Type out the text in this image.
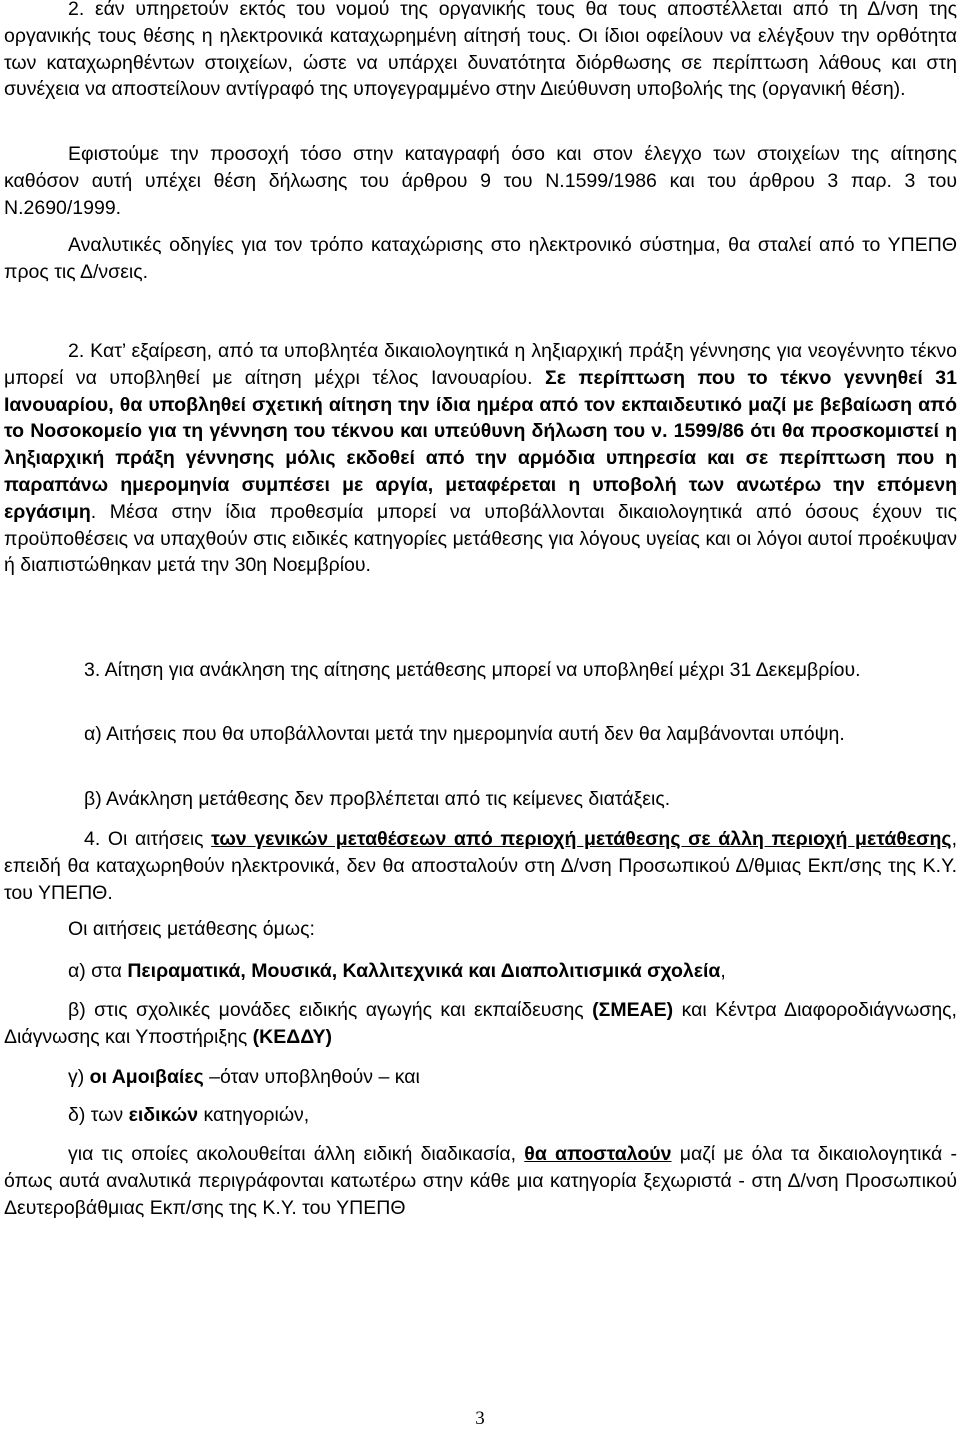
2. εάν υπηρετούν εκτός του νομού της οργανικής τους θα τους αποστέλλεται από τη Δ/νση της οργανικής τους θέσης η ηλεκτρονικά καταχωρημένη αίτησή τους. Οι ίδιοι οφείλουν να ελέγξουν την ορθότητα των καταχωρηθέντων στοιχείων, ώστε να υπάρχει δυνατότητα διόρθωσης σε περίπτωση λάθους και στη συνέχεια να αποστείλουν αντίγραφό της υπογεγραμμένο στην Διεύθυνση υποβολής της (οργανική θέση).

Εφιστούμε την προσοχή τόσο στην καταγραφή όσο και στον έλεγχο των στοιχείων της αίτησης καθόσον αυτή υπέχει θέση δήλωσης του άρθρου 9 του Ν.1599/1986 και του άρθρου 3 παρ. 3 του Ν.2690/1999.

Αναλυτικές οδηγίες για τον τρόπο καταχώρισης στο ηλεκτρονικό σύστημα, θα σταλεί από το ΥΠΕΠΘ προς τις Δ/νσεις.

2. Κατ’ εξαίρεση, από τα υποβλητέα δικαιολογητικά η ληξιαρχική πράξη γέννησης για νεογέννητο τέκνο μπορεί να υποβληθεί με αίτηση μέχρι τέλος Ιανουαρίου. Σε περίπτωση που το τέκνο γεννηθεί 31 Ιανουαρίου, θα υποβληθεί σχετική αίτηση την ίδια ημέρα από τον εκπαιδευτικό μαζί με βεβαίωση από το Νοσοκομείο για τη γέννηση του τέκνου και υπεύθυνη δήλωση του ν. 1599/86 ότι θα προσκομιστεί η ληξιαρχική πράξη γέννησης μόλις εκδοθεί από την αρμόδια υπηρεσία και σε περίπτωση που η παραπάνω ημερομηνία συμπέσει με αργία, μεταφέρεται η υποβολή των ανωτέρω την επόμενη εργάσιμη. Μέσα στην ίδια προθεσμία μπορεί να υποβάλλονται δικαιολογητικά από όσους έχουν τις προϋποθέσεις να υπαχθούν στις ειδικές κατηγορίες μετάθεσης για λόγους υγείας και οι λόγοι αυτοί προέκυψαν ή διαπιστώθηκαν μετά την 30η Νοεμβρίου.

3. Αίτηση για ανάκληση της αίτησης μετάθεσης μπορεί να υποβληθεί μέχρι 31 Δεκεμβρίου.

α) Αιτήσεις που θα υποβάλλονται μετά την ημερομηνία αυτή δεν θα λαμβάνονται υπόψη.

β) Ανάκληση μετάθεσης δεν προβλέπεται από τις κείμενες διατάξεις.

4. Οι αιτήσεις των γενικών μεταθέσεων από περιοχή μετάθεσης σε άλλη περιοχή μετάθεσης, επειδή θα καταχωρηθούν ηλεκτρονικά, δεν θα αποσταλούν στη Δ/νση Προσωπικού Δ/θμιας Εκπ/σης της Κ.Υ. του ΥΠΕΠΘ.

Οι αιτήσεις μετάθεσης όμως:

α) στα Πειραματικά, Μουσικά, Καλλιτεχνικά και Διαπολιτισμικά σχολεία,

β) στις σχολικές μονάδες ειδικής αγωγής και εκπαίδευσης (ΣΜΕΑΕ) και Κέντρα Διαφοροδιάγνωσης, Διάγνωσης και Υποστήριξης (ΚΕΔΔΥ)

γ) οι Αμοιβαίες –όταν υποβληθούν – και

δ) των ειδικών κατηγοριών,

για τις οποίες ακολουθείται άλλη ειδική διαδικασία, θα αποσταλούν μαζί με όλα τα δικαιολογητικά - όπως αυτά αναλυτικά περιγράφονται κατωτέρω στην κάθε μια κατηγορία ξεχωριστά - στη Δ/νση Προσωπικού Δευτεροβάθμιας Εκπ/σης της Κ.Υ. του ΥΠΕΠΘ

3
